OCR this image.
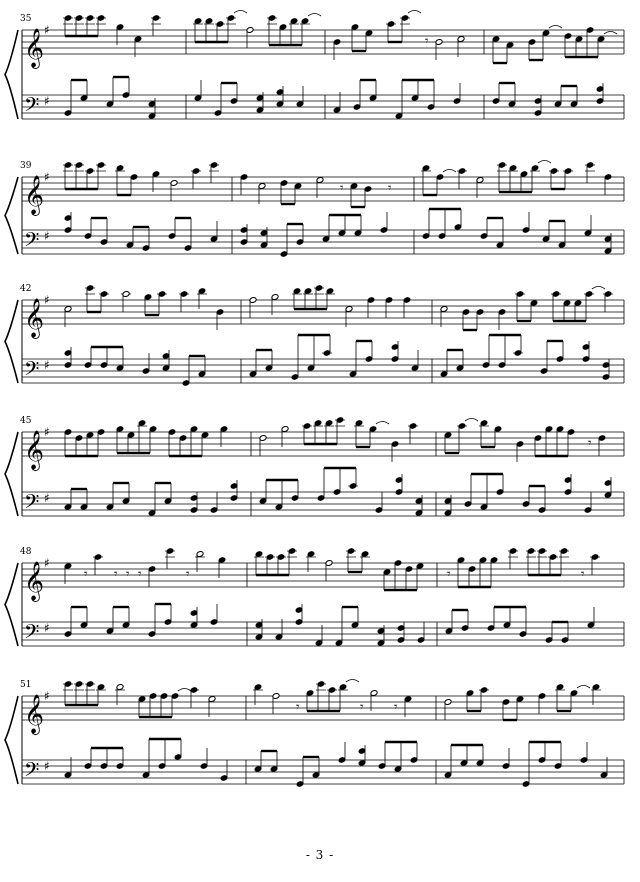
35
𝄞
𝄢
♯
♯
𝄾
39
𝄞
𝄢
♯
♯
𝄾	𝄾
42
𝄞
𝄢
♯
♯
45
𝄞
𝄢
♯
♯
𝄾
48
𝄞
𝄢
♯
♯
𝄾 𝄾 𝄾 𝄾	𝄾	𝄾	𝄾
51
𝄞
𝄢
♯
♯
𝄾	𝄾 𝄾
- 3 -
